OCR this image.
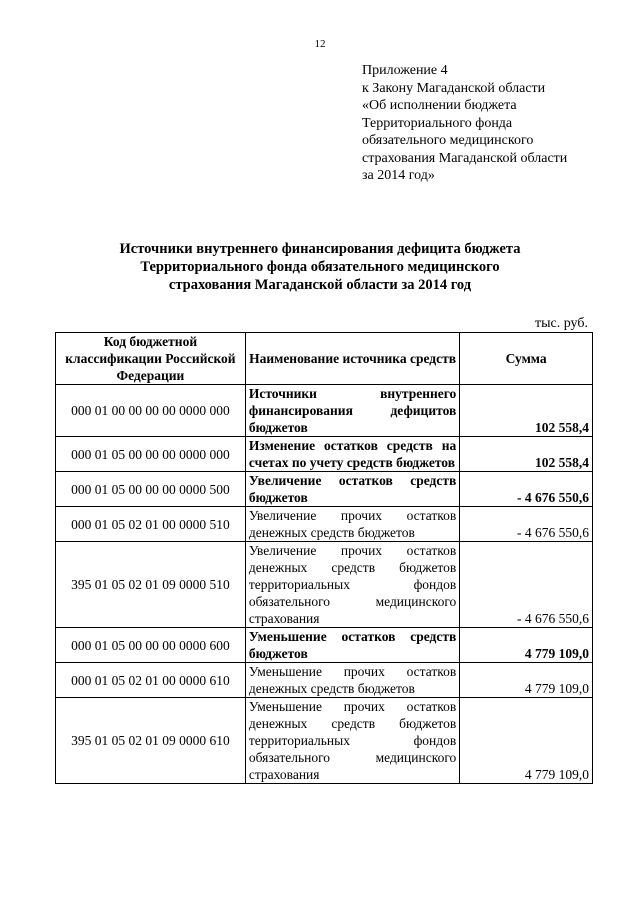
12
Приложение 4
к Закону Магаданской области
«Об исполнении бюджета
Территориального фонда
обязательного медицинского
страхования Магаданской области
за 2014 год»
Источники внутреннего финансирования дефицита бюджета
Территориального фонда обязательного медицинского
страхования Магаданской области за 2014 год
тыс. руб.
Код бюджетной классификации Российской Федерации	Наименование источника средств	Сумма
000 01 00 00 00 00 0000 000	Источники внутреннего финансирования дефицитов бюджетов	102 558,4
000 01 05 00 00 00 0000 000	Изменение остатков средств на счетах по учету средств бюджетов	102 558,4
000 01 05 00 00 00 0000 500	Увеличение остатков средств бюджетов	- 4 676 550,6
000 01 05 02 01 00 0000 510	Увеличение прочих остатков денежных средств бюджетов	- 4 676 550,6
395 01 05 02 01 09 0000 510	Увеличение прочих остатков денежных средств бюджетов территориальных фондов обязательного медицинского страхования	- 4 676 550,6
000 01 05 00 00 00 0000 600	Уменьшение остатков средств бюджетов	4 779 109,0
000 01 05 02 01 00 0000 610	Уменьшение прочих остатков денежных средств бюджетов	4 779 109,0
395 01 05 02 01 09 0000 610	Уменьшение прочих остатков денежных средств бюджетов территориальных фондов обязательного медицинского страхования	4 779 109,0
